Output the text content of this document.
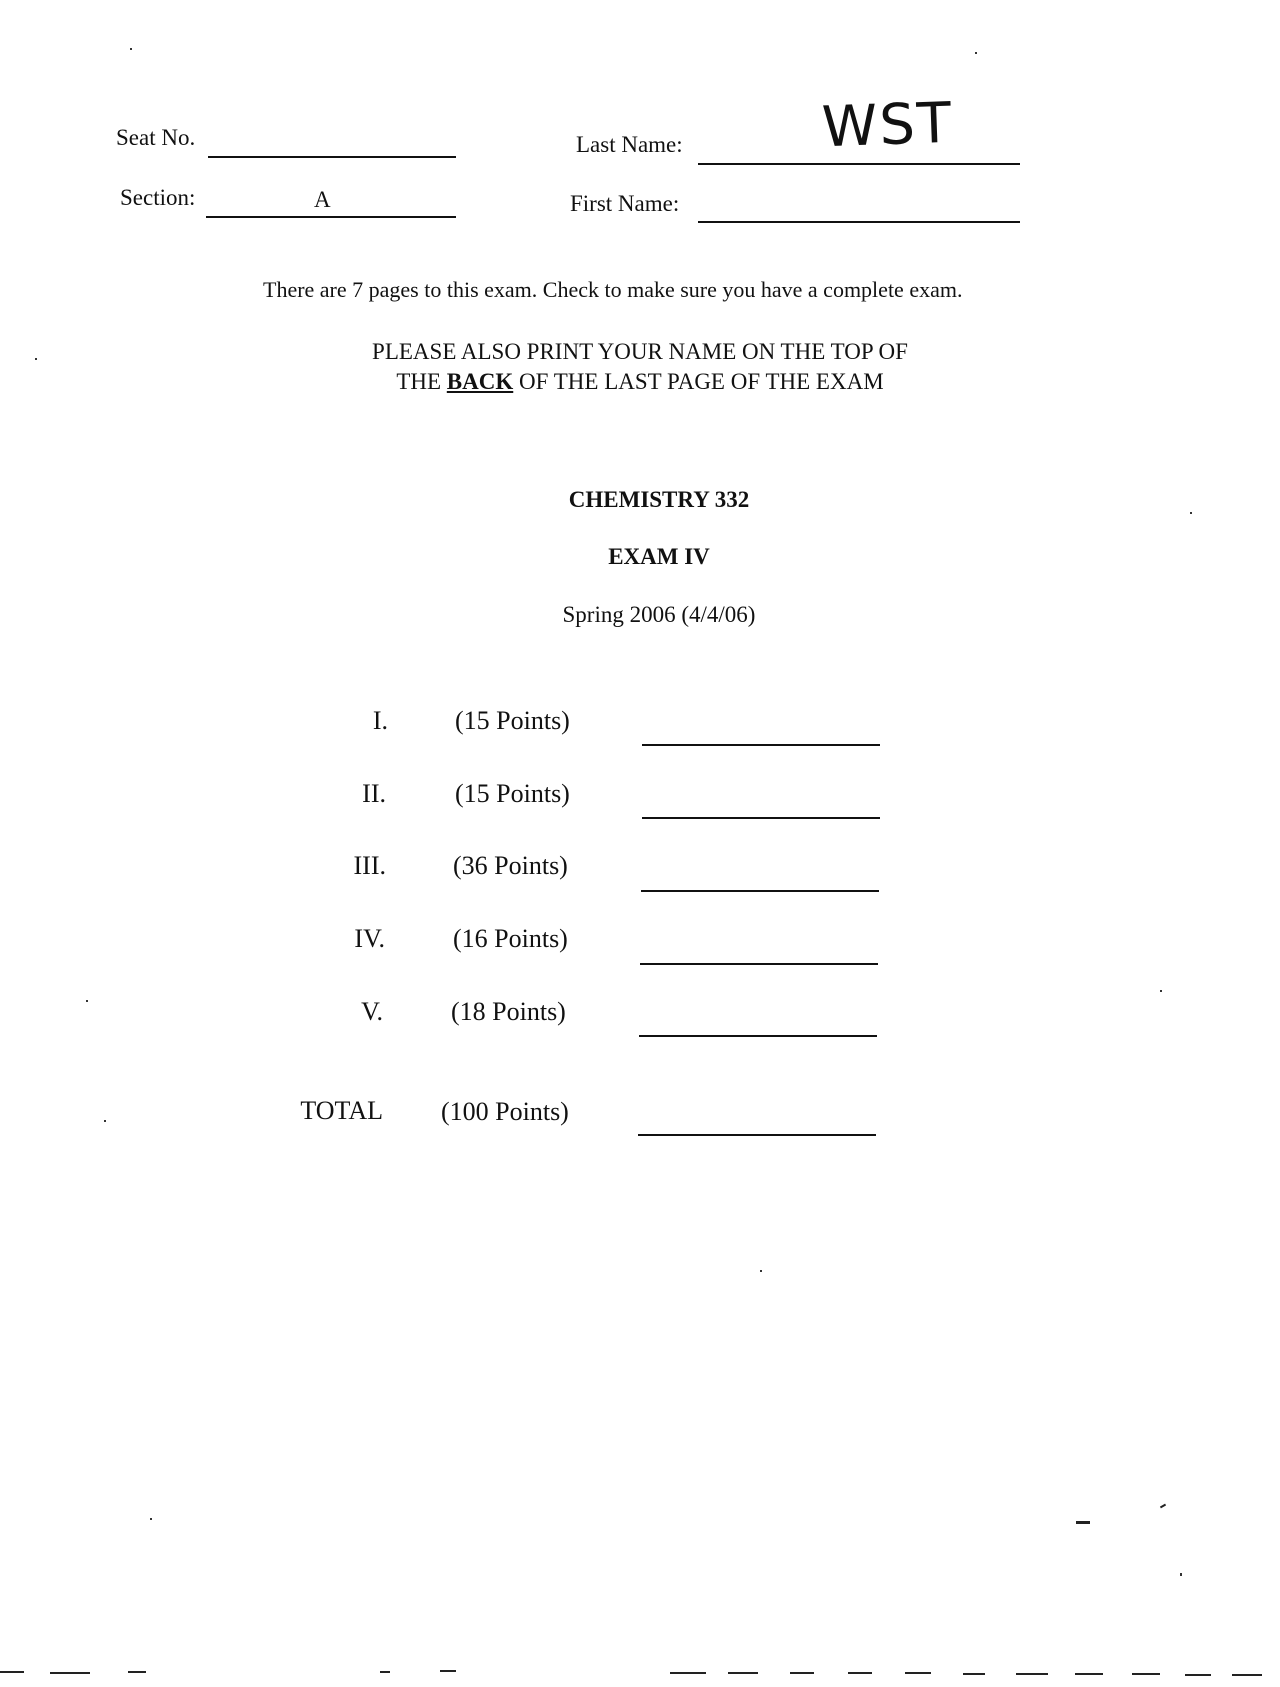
Seat No.
Section:	A
Last Name: WST
First Name:
There are 7 pages to this exam. Check to make sure you have a complete exam.
PLEASE ALSO PRINT YOUR NAME ON THE TOP OF
THE BACK OF THE LAST PAGE OF THE EXAM
CHEMISTRY 332
EXAM IV
Spring 2006 (4/4/06)
I.	(15 Points)
II.	(15 Points)
III.	(36 Points)
IV.	(16 Points)
V.	(18 Points)
TOTAL (100 Points)
